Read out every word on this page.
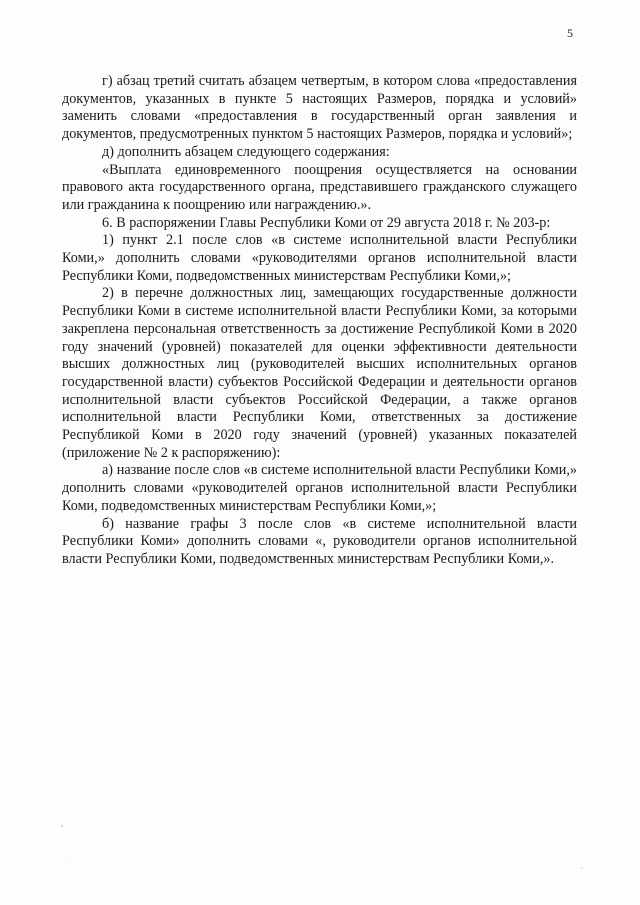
5

г) абзац третий считать абзацем четвертым, в котором слова «предоставления документов, указанных в пункте 5 настоящих Размеров, порядка и условий» заменить словами «предоставления в государственный орган заявления и документов, предусмотренных пунктом 5 настоящих Размеров, порядка и условий»;

д) дополнить абзацем следующего содержания:

«Выплата единовременного поощрения осуществляется на основании правового акта государственного органа, представившего гражданского служащего или гражданина к поощрению или награждению.».

6. В распоряжении Главы Республики Коми от 29 августа 2018 г. № 203-р:

1) пункт 2.1 после слов «в системе исполнительной власти Республики Коми,» дополнить словами «руководителями органов исполнительной власти Республики Коми, подведомственных министерствам Республики Коми,»;

2) в перечне должностных лиц, замещающих государственные должности Республики Коми в системе исполнительной власти Республики Коми, за которыми закреплена персональная ответственность за достижение Республикой Коми в 2020 году значений (уровней) показателей для оценки эффективности деятельности высших должностных лиц (руководителей высших исполнительных органов государственной власти) субъектов Российской Федерации и деятельности органов исполнительной власти субъектов Российской Федерации, а также органов исполнительной власти Республики Коми, ответственных за достижение Республикой Коми в 2020 году значений (уровней) указанных показателей (приложение № 2 к распоряжению):

а) название после слов «в системе исполнительной власти Республики Коми,» дополнить словами «руководителей органов исполнительной власти Республики Коми, подведомственных министерствам Республики Коми,»;

б) название графы 3 после слов «в системе исполнительной власти Республики Коми» дополнить словами «, руководители органов исполнительной власти Республики Коми, подведомственных министерствам Республики Коми,».
